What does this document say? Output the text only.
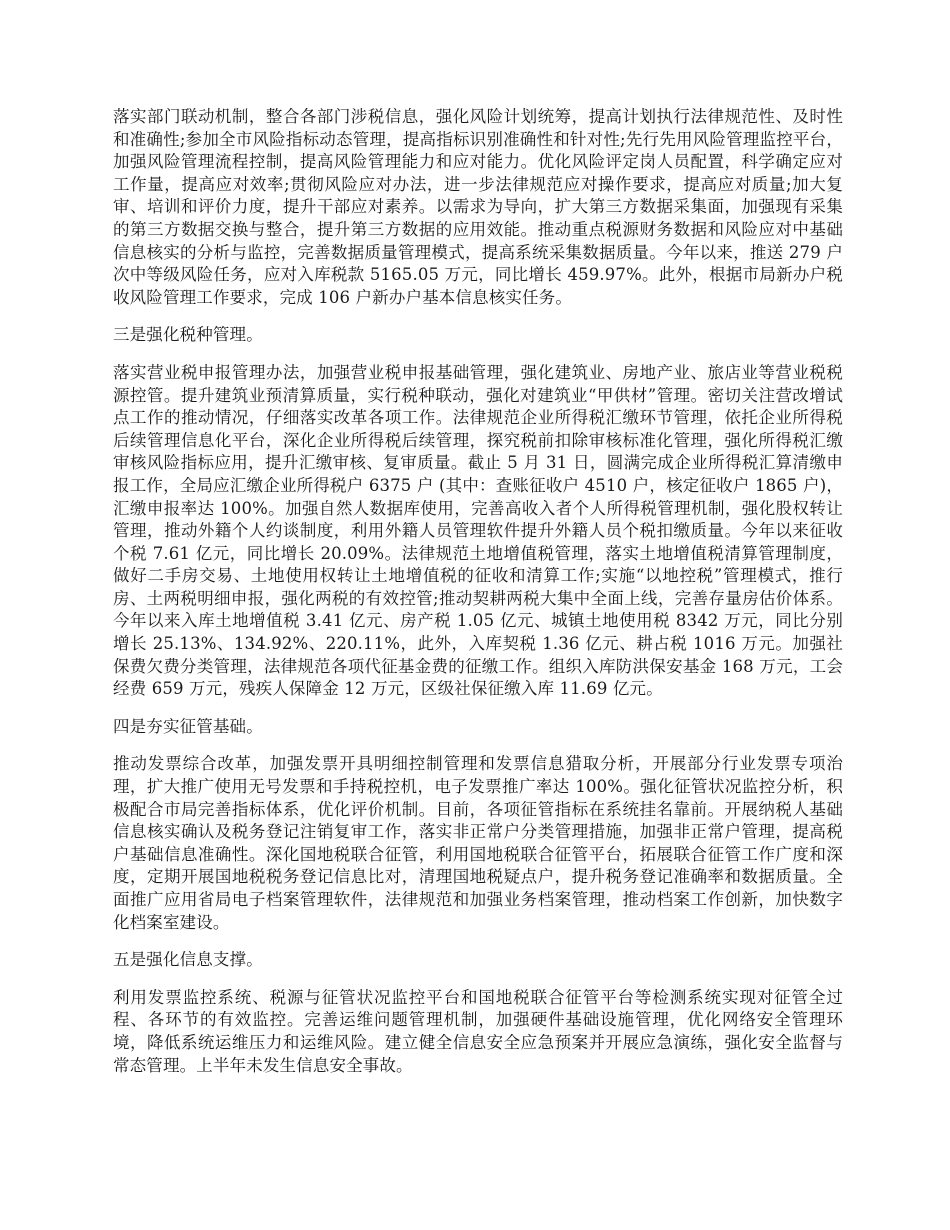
落实部门联动机制，整合各部门涉税信息，强化风险计划统筹，提高计划执行法律规范性、及时性和准确性;参加全市风险指标动态管理，提高指标识别准确性和针对性;先行先用风险管理监控平台，加强风险管理流程控制，提高风险管理能力和应对能力。优化风险评定岗人员配置，科学确定应对工作量，提高应对效率;贯彻风险应对办法，进一步法律规范应对操作要求，提高应对质量;加大复审、培训和评价力度，提升干部应对素养。以需求为导向，扩大第三方数据采集面，加强现有采集的第三方数据交换与整合，提升第三方数据的应用效能。推动重点税源财务数据和风险应对中基础信息核实的分析与监控，完善数据质量管理模式，提高系统采集数据质量。今年以来，推送 279 户次中等级风险任务，应对入库税款 5165.05 万元，同比增长 459.97%。此外，根据市局新办户税收风险管理工作要求，完成 106 户新办户基本信息核实任务。

三是强化税种管理。

落实营业税申报管理办法，加强营业税申报基础管理，强化建筑业、房地产业、旅店业等营业税税源控管。提升建筑业预清算质量，实行税种联动，强化对建筑业“甲供材”管理。密切关注营改增试点工作的推动情况，仔细落实改革各项工作。法律规范企业所得税汇缴环节管理，依托企业所得税后续管理信息化平台，深化企业所得税后续管理，探究税前扣除审核标准化管理，强化所得税汇缴审核风险指标应用，提升汇缴审核、复审质量。截止 5 月 31 日，圆满完成企业所得税汇算清缴申报工作，全局应汇缴企业所得税户 6375 户 (其中：查账征收户 4510 户，核定征收户 1865 户)，汇缴申报率达 100%。加强自然人数据库使用，完善高收入者个人所得税管理机制，强化股权转让管理，推动外籍个人约谈制度，利用外籍人员管理软件提升外籍人员个税扣缴质量。今年以来征收个税 7.61 亿元，同比增长 20.09%。法律规范土地增值税管理，落实土地增值税清算管理制度，做好二手房交易、土地使用权转让土地增值税的征收和清算工作;实施“以地控税”管理模式，推行房、土两税明细申报，强化两税的有效控管;推动契耕两税大集中全面上线，完善存量房估价体系。今年以来入库土地增值税 3.41 亿元、房产税 1.05 亿元、城镇土地使用税 8342 万元，同比分别增长 25.13%、134.92%、220.11%，此外，入库契税 1.36 亿元、耕占税 1016 万元。加强社保费欠费分类管理，法律规范各项代征基金费的征缴工作。组织入库防洪保安基金 168 万元，工会经费 659 万元，残疾人保障金 12 万元，区级社保征缴入库 11.69 亿元。

四是夯实征管基础。

推动发票综合改革，加强发票开具明细控制管理和发票信息猎取分析，开展部分行业发票专项治理，扩大推广使用无号发票和手持税控机，电子发票推广率达 100%。强化征管状况监控分析，积极配合市局完善指标体系，优化评价机制。目前，各项征管指标在系统挂名靠前。开展纳税人基础信息核实确认及税务登记注销复审工作，落实非正常户分类管理措施，加强非正常户管理，提高税户基础信息准确性。深化国地税联合征管，利用国地税联合征管平台，拓展联合征管工作广度和深度，定期开展国地税税务登记信息比对，清理国地税疑点户，提升税务登记准确率和数据质量。全面推广应用省局电子档案管理软件，法律规范和加强业务档案管理，推动档案工作创新，加快数字化档案室建设。

五是强化信息支撑。

利用发票监控系统、税源与征管状况监控平台和国地税联合征管平台等检测系统实现对征管全过程、各环节的有效监控。完善运维问题管理机制，加强硬件基础设施管理，优化网络安全管理环境，降低系统运维压力和运维风险。建立健全信息安全应急预案并开展应急演练，强化安全监督与常态管理。上半年未发生信息安全事故。
